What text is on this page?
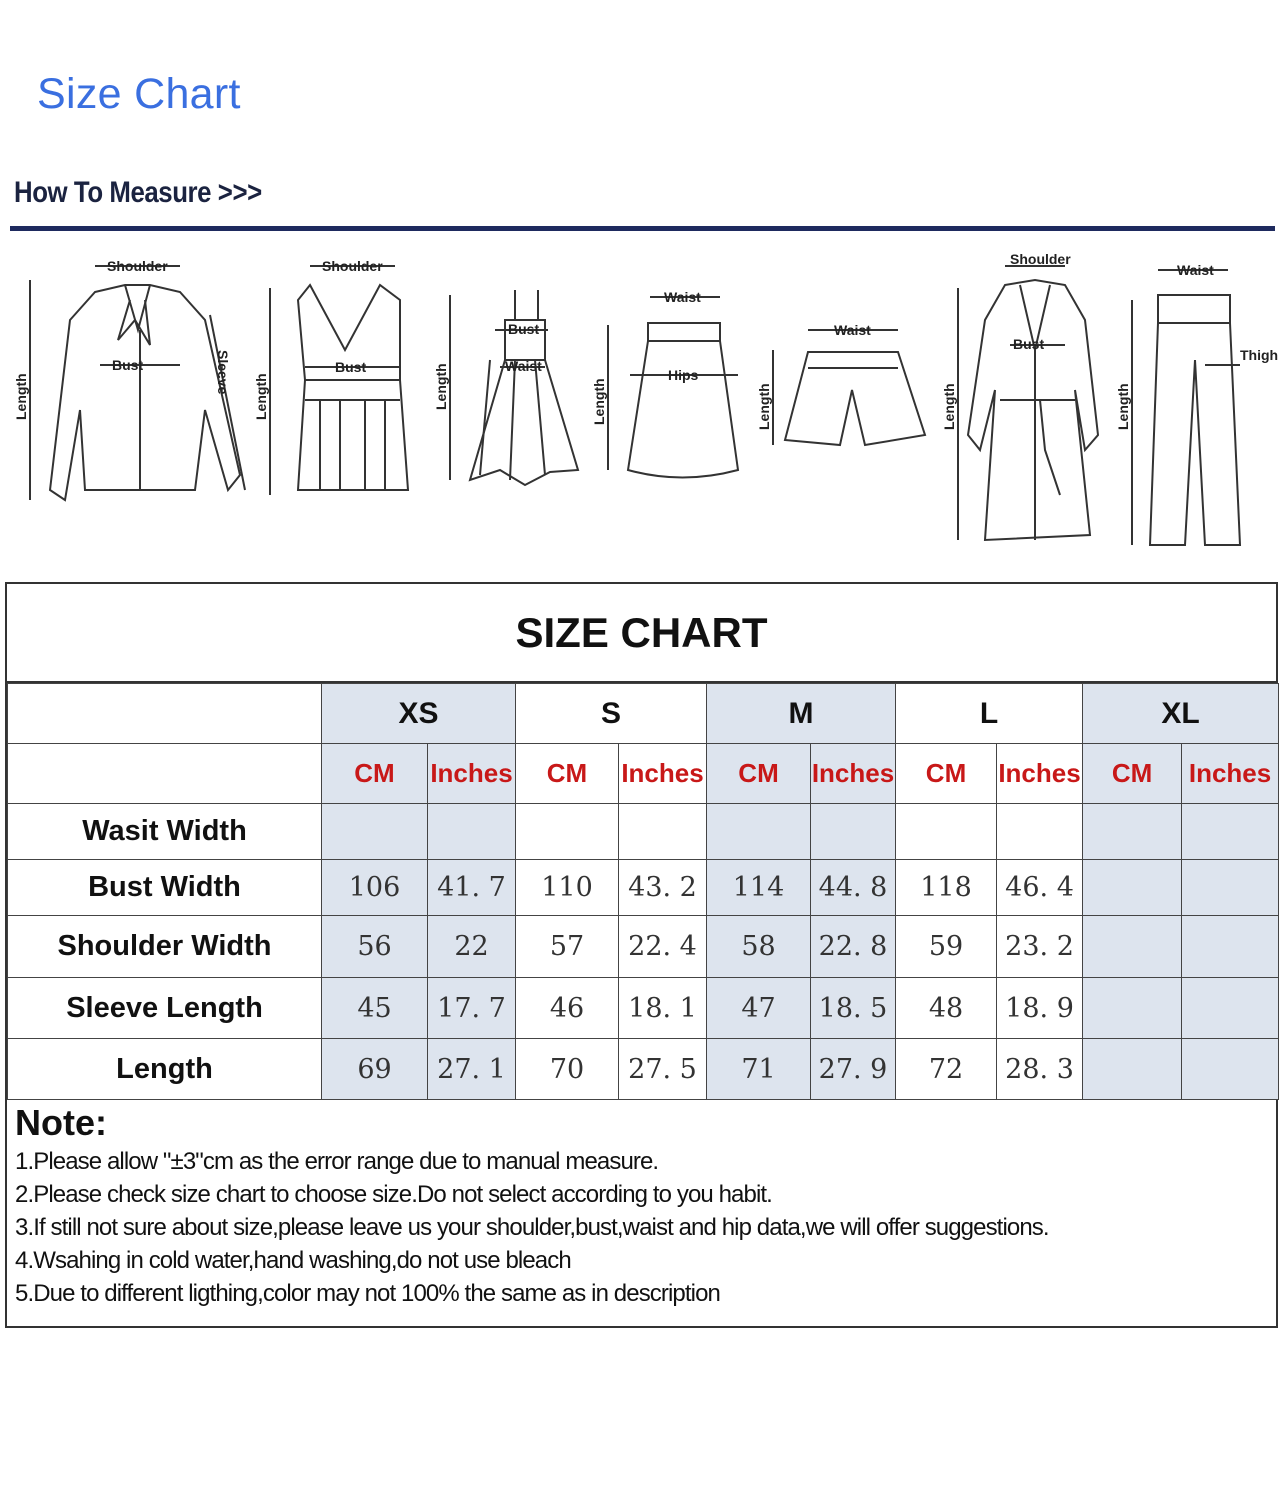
Size Chart
How To Measure >>>
Shoulder
Bust
Shoulder
Bust
Bust
Waist
Waist
Hips
Waist
Shoulder
Bust
Waist
Thigh
Length
Sleeve
Length	Length	Length	Length	Length	Length
SIZE CHART
	XS		S		M		L		XL	
	CM	Inches	CM	Inches	CM	Inches	CM	Inches	CM	Inches
Wasit Width										
Bust Width	106	41. 7	110	43. 2	114	44. 8	118	46. 4		
Shoulder Width	56	22	57	22. 4	58	22. 8	59	23. 2		
Sleeve Length	45	17. 7	46	18. 1	47	18. 5	48	18. 9		
Length	69	27. 1	70	27. 5	71	27. 9	72	28. 3		
Note:
1.Please allow "±3"cm as the error range due to manual measure.
2.Please check size chart to choose size.Do not select according to you habit.
3.If still not sure about size,please leave us your shoulder,bust,waist and hip data,we will offer suggestions.
4.Wsahing in cold water,hand washing,do not use bleach
5.Due to different ligthing,color may not 100% the same as in description
